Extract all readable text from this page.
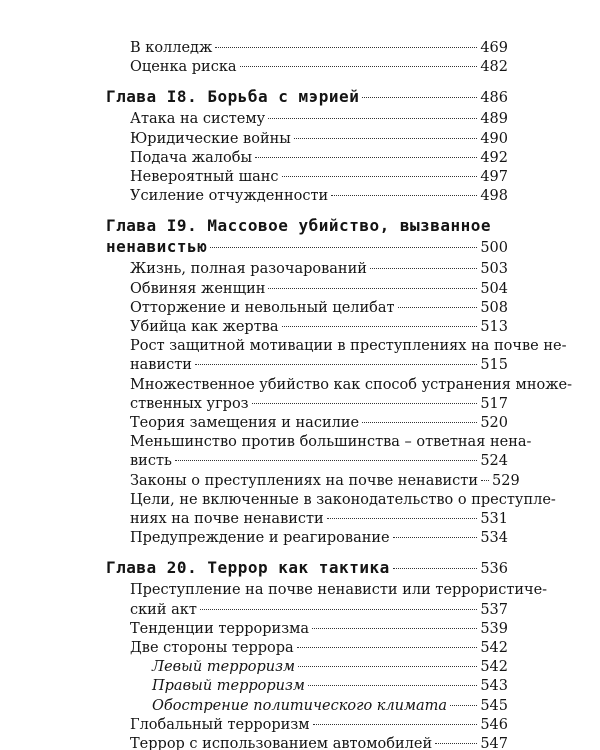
В колледж	469
Оценка риска	482
Глава I8. Борьба с мэрией	486
Атака на систему	489
Юридические войны	490
Подача жалобы	492
Невероятный шанс	497
Усиление отчужденности	498
Глава I9. Массовое убийство, вызванное
ненавистью	500
Жизнь, полная разочарований	503
Обвиняя женщин	504
Отторжение и невольный целибат	508
Убийца как жертва	513
Рост защитной мотивации в преступлениях на почве не-
нависти	515
Множественное убийство как способ устранения множе-
ственных угроз	517
Теория замещения и насилие	520
Меньшинство против большинства – ответная нена-
висть	524
Законы о преступлениях на почве ненависти 529
Цели, не включенные в законодательство о преступле-
ниях на почве ненависти	531
Предупреждение и реагирование	534
Глава 20. Террор как тактика	536
Преступление на почве ненависти или террористиче-
ский акт	537
Тенденции терроризма	539
Две стороны террора	542
Левый терроризм	542
Правый терроризм	543
Обострение политического климата 545
Глобальный терроризм	546
Террор с использованием автомобилей	547
